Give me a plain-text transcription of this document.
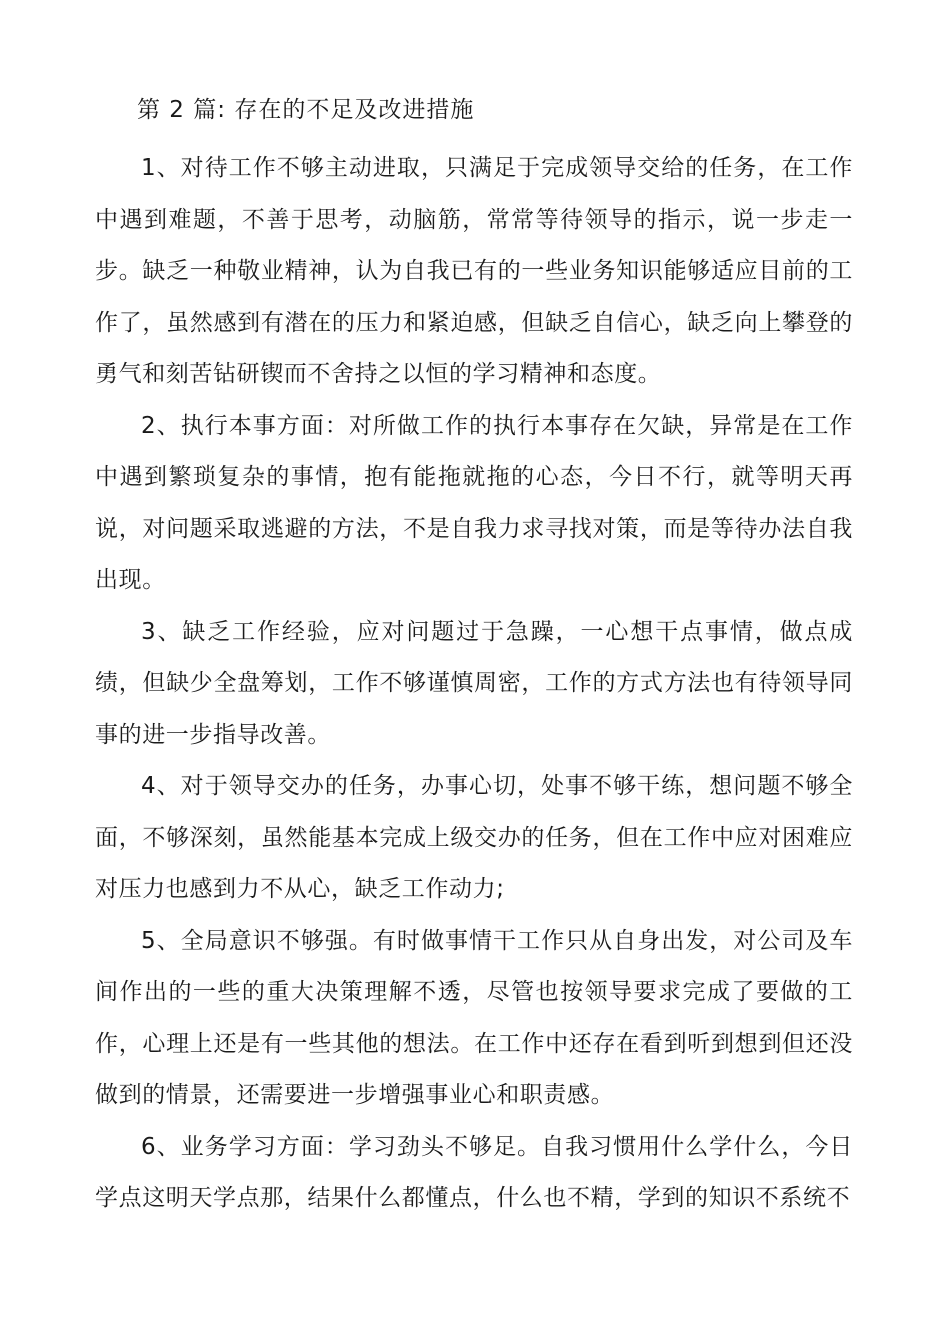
第 2 篇: 存在的不足及改进措施

1、对待工作不够主动进取，只满足于完成领导交给的任务，在工作中遇到难题，不善于思考，动脑筋，常常等待领导的指示，说一步走一步。缺乏一种敬业精神，认为自我已有的一些业务知识能够适应目前的工作了，虽然感到有潜在的压力和紧迫感，但缺乏自信心，缺乏向上攀登的勇气和刻苦钻研锲而不舍持之以恒的学习精神和态度。

2、执行本事方面：对所做工作的执行本事存在欠缺，异常是在工作中遇到繁琐复杂的事情，抱有能拖就拖的心态，今日不行，就等明天再说，对问题采取逃避的方法，不是自我力求寻找对策，而是等待办法自我出现。

3、缺乏工作经验，应对问题过于急躁，一心想干点事情，做点成绩，但缺少全盘筹划，工作不够谨慎周密，工作的方式方法也有待领导同事的进一步指导改善。

4、对于领导交办的任务，办事心切，处事不够干练，想问题不够全面，不够深刻，虽然能基本完成上级交办的任务，但在工作中应对困难应对压力也感到力不从心，缺乏工作动力;

5、全局意识不够强。有时做事情干工作只从自身出发，对公司及车间作出的一些的重大决策理解不透，尽管也按领导要求完成了要做的工作，心理上还是有一些其他的想法。在工作中还存在看到听到想到但还没做到的情景，还需要进一步增强事业心和职责感。

6、业务学习方面：学习劲头不够足。自我习惯用什么学什么，今日学点这明天学点那，结果什么都懂点，什么也不精，学到的知识不系统不
